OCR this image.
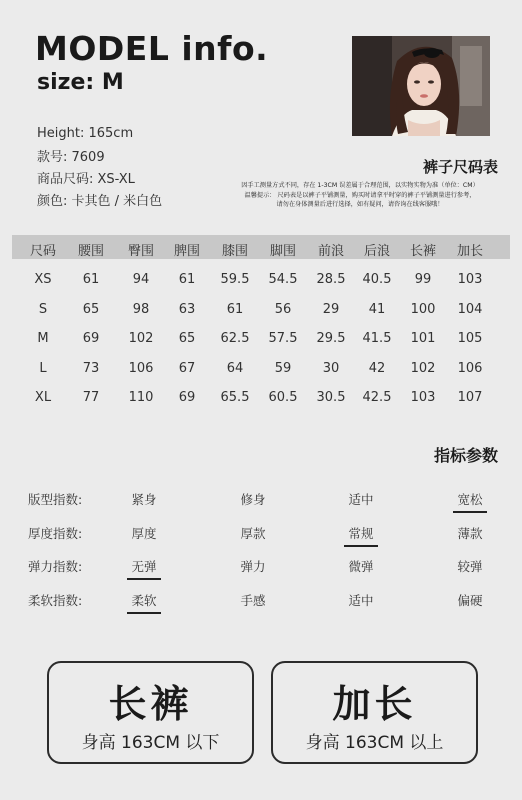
MODEL info.
size: M
Height: 165cm
款号: 7609
商品尺码: XS-XL
颜色: 卡其色 / 米白色
裤子尺码表
因手工测量方式不同，存在 1-3CM 误差属于合理范围，以实物实物为准（单位：CM）
温馨提示： 尺码表是以裤子平铺测量，购买时请拿平时穿的裤子平铺测量进行参考，
请勿在身体测量后进行选择，如有疑问，请咨询在线客服哦！
尺码	腰围	臀围	脾围	膝围	脚围	前浪	后浪	长裤	加长
XS	61	94	61	59.5	54.5	28.5	40.5	99	103
S	65	98	63	61	56	29	41	100	104
M	69	102	65	62.5	57.5	29.5	41.5	101	105
L	73	106	67	64	59	30	42	102	106
XL	77	110	69	65.5	60.5	30.5	42.5	103	107
指标参数
版型指数:	紧身	修身	适中	宽松
厚度指数:	厚度	厚款	常规	薄款
弹力指数:	无弹	弹力	微弹	较弹
柔软指数:	柔软	手感	适中	偏硬
长裤
身高 163CM 以下
加长
身高 163CM 以上
